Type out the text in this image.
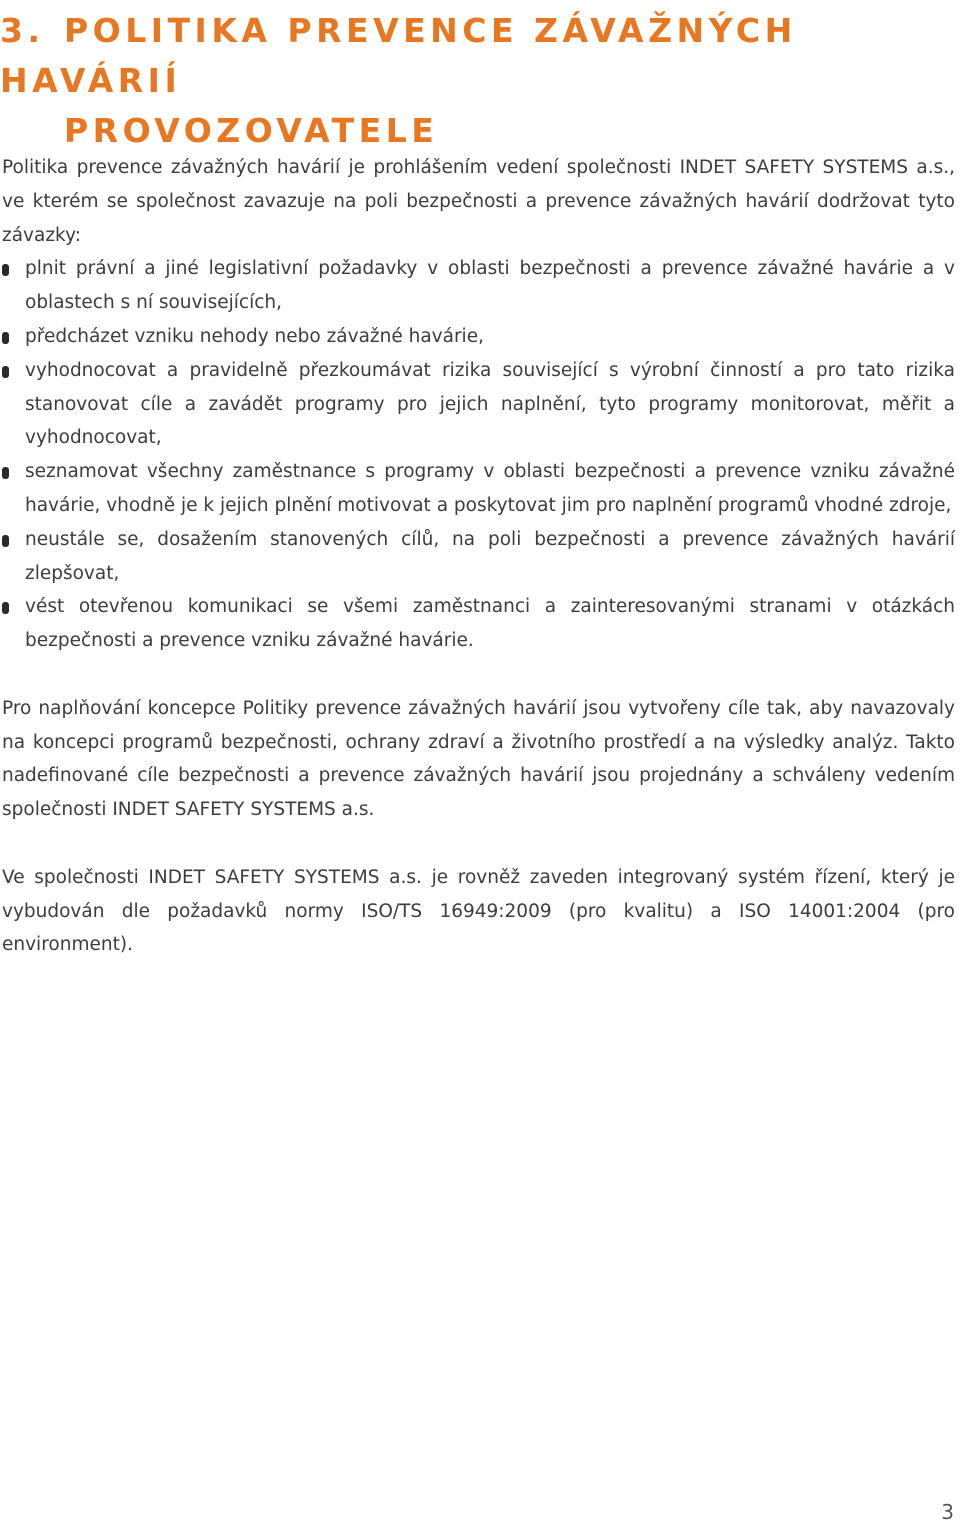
3. POLITIKA PREVENCE ZÁVAŽNÝCH HAVÁRIÍ
PROVOZOVATELE

Politika prevence závažných havárií je prohlášením vedení společnosti INDET SAFETY SYSTEMS a.s., ve kterém se společnost zavazuje na poli bezpečnosti a prevence závažných havárií dodržovat tyto závazky:

plnit právní a jiné legislativní požadavky v oblasti bezpečnosti a prevence závažné havárie a v oblastech s ní souvisejících,
předcházet vzniku nehody nebo závažné havárie,
vyhodnocovat a pravidelně přezkoumávat rizika související s výrobní činností a pro tato rizika stanovovat cíle a zavádět programy pro jejich naplnění, tyto programy monitorovat, měřit a vyhodnocovat,
seznamovat všechny zaměstnance s programy v oblasti bezpečnosti a prevence vzniku závažné havárie, vhodně je k jejich plnění motivovat a poskytovat jim pro naplnění programů vhodné zdroje,
neustále se, dosažením stanovených cílů, na poli bezpečnosti a prevence závažných havárií zlepšovat,
vést otevřenou komunikaci se všemi zaměstnanci a zainteresovanými stranami v otázkách bezpečnosti a prevence vzniku závažné havárie.

Pro naplňování koncepce Politiky prevence závažných havárií jsou vytvořeny cíle tak, aby navazovaly na koncepci programů bezpečnosti, ochrany zdraví a životního prostředí a na výsledky analýz. Takto nadefinované cíle bezpečnosti a prevence závažných havárií jsou projednány a schváleny vedením společnosti INDET SAFETY SYSTEMS a.s.

Ve společnosti INDET SAFETY SYSTEMS a.s. je rovněž zaveden integrovaný systém řízení, který je vybudován dle požadavků normy ISO/TS 16949:2009 (pro kvalitu) a ISO 14001:2004 (pro environment).

3
